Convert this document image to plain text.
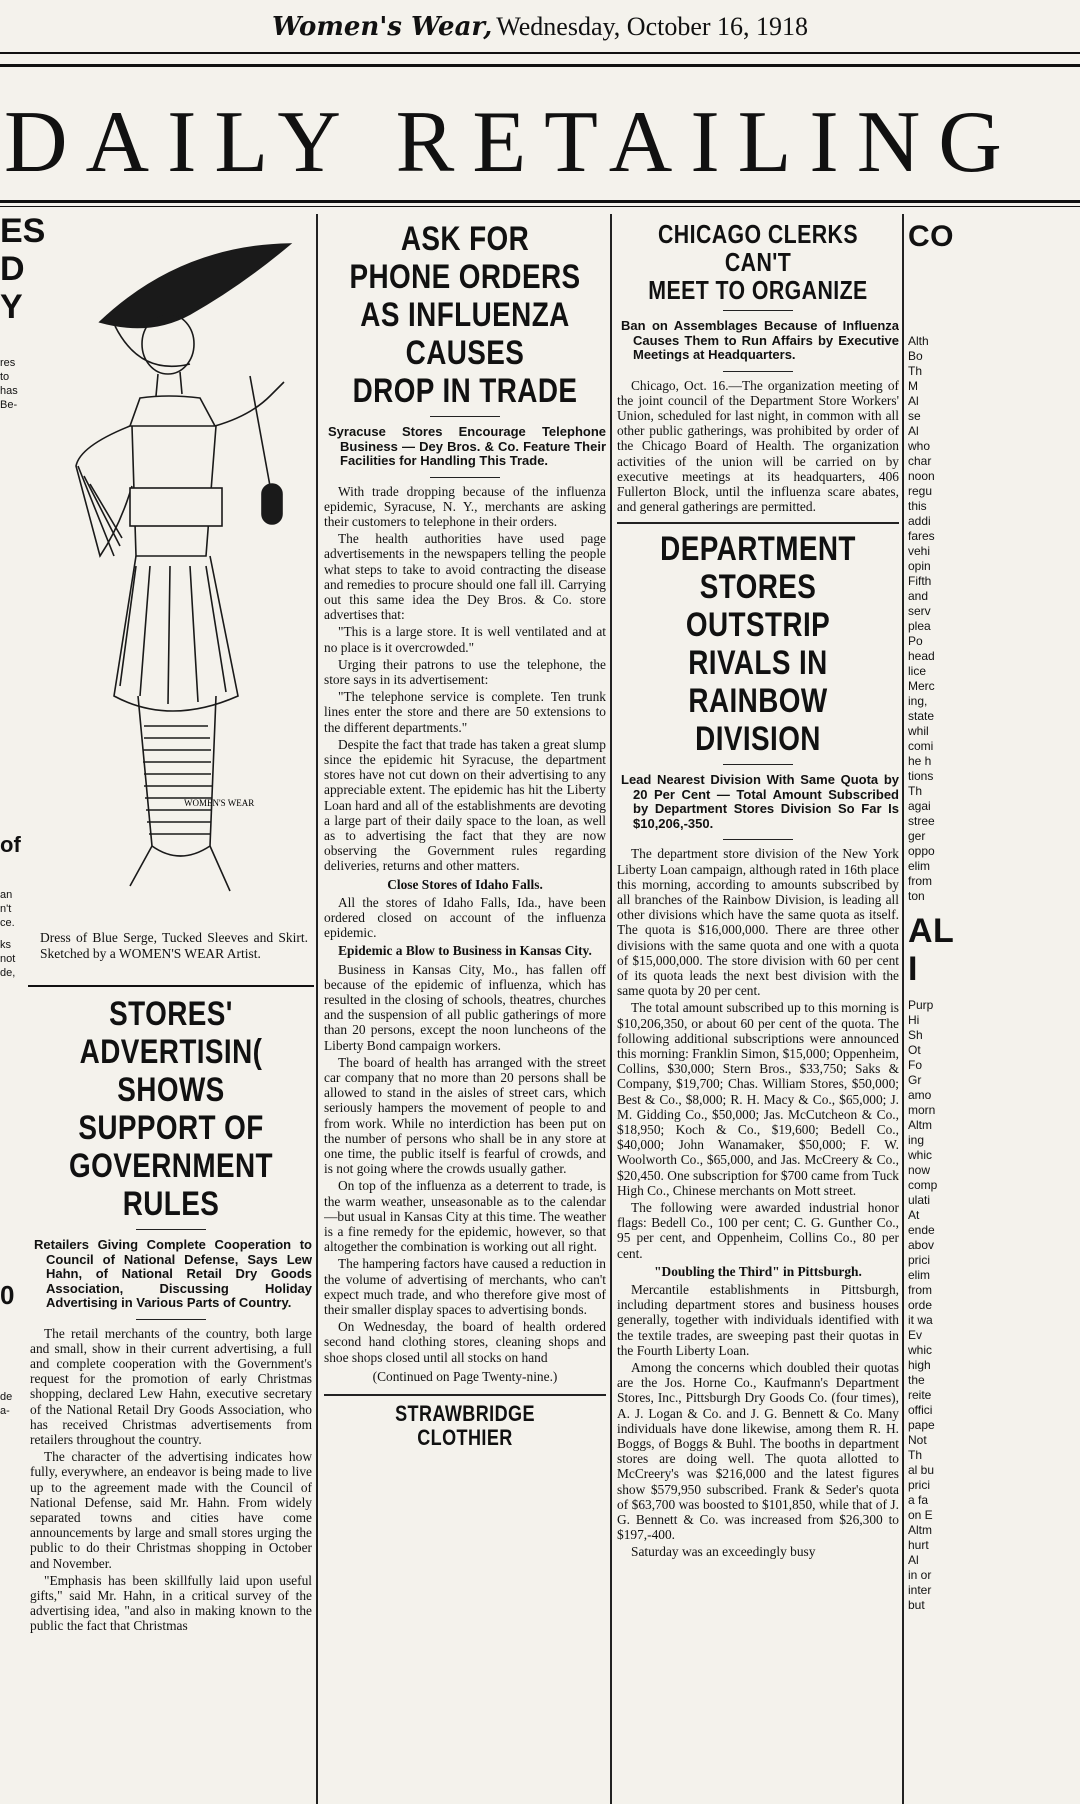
Women's Wear, Wednesday, October 16, 1918
DAILY RETAILING
ES
D
Y
res
to
has
Be-
of
an
n't
ce.
ks
not
de,
0
de
a-
WOMEN'S WEAR
Dress of Blue Serge, Tucked Sleeves and Skirt. Sketched by a WOMEN'S WEAR Artist.
STORES' ADVERTISIN(
SHOWS SUPPORT OF
GOVERNMENT RULES
Retailers Giving Complete Cooperation to Council of National Defense, Says Lew Hahn, of National Retail Dry Goods Association, Discussing Holiday Advertising in Various Parts of Country.

The retail merchants of the country, both large and small, show in their current advertising, a full and complete cooperation with the Government's request for the promotion of early Christmas shopping, declared Lew Hahn, executive secretary of the National Retail Dry Goods Association, who has received Christmas advertisements from retailers throughout the country.

The character of the advertising indicates how fully, everywhere, an endeavor is being made to live up to the agreement made with the Council of National Defense, said Mr. Hahn. From widely separated towns and cities have come announcements by large and small stores urging the public to do their Christmas shopping in October and November.

"Emphasis has been skillfully laid upon useful gifts," said Mr. Hahn, in a critical survey of the advertising idea, "and also in making known to the public the fact that Christmas

ASK FOR PHONE ORDERS
AS INFLUENZA CAUSES
DROP IN TRADE
Syracuse Stores Encourage Telephone Business — Dey Bros. & Co. Feature Their Facilities for Handling This Trade.

With trade dropping because of the influenza epidemic, Syracuse, N. Y., merchants are asking their customers to telephone in their orders.

The health authorities have used page advertisements in the newspapers telling the people what steps to take to avoid contracting the disease and remedies to procure should one fall ill. Carrying out this same idea the Dey Bros. & Co. store advertises that:

"This is a large store. It is well ventilated and at no place is it overcrowded."

Urging their patrons to use the telephone, the store says in its advertisement:

"The telephone service is complete. Ten trunk lines enter the store and there are 50 extensions to the different departments."

Despite the fact that trade has taken a great slump since the epidemic hit Syracuse, the department stores have not cut down on their advertising to any appreciable extent. The epidemic has hit the Liberty Loan hard and all of the establishments are devoting a large part of their daily space to the loan, as well as to advertising the fact that they are now observing the Government rules regarding deliveries, returns and other matters.

Close Stores of Idaho Falls.

All the stores of Idaho Falls, Ida., have been ordered closed on account of the influenza epidemic.

Epidemic a Blow to Business in Kansas City.

Business in Kansas City, Mo., has fallen off because of the epidemic of influenza, which has resulted in the closing of schools, theatres, churches and the suspension of all public gatherings of more than 20 persons, except the noon luncheons of the Liberty Bond campaign workers.

The board of health has arranged with the street car company that no more than 20 persons shall be allowed to stand in the aisles of street cars, which seriously hampers the movement of people to and from work. While no interdiction has been put on the number of persons who shall be in any store at one time, the public itself is fearful of crowds, and is not going where the crowds usually gather.

On top of the influenza as a deterrent to trade, is the warm weather, unseasonable as to the calendar—but usual in Kansas City at this time. The weather is a fine remedy for the epidemic, however, so that altogether the combination is working out all right.

The hampering factors have caused a reduction in the volume of advertising of merchants, who can't expect much trade, and who therefore give most of their smaller display spaces to advertising bonds.

On Wednesday, the board of health ordered second hand clothing stores, cleaning shops and shoe shops closed until all stocks on hand

(Continued on Page Twenty-nine.)
STRAWBRIDGE CLOTHIER
CHICAGO CLERKS CAN'T
MEET TO ORGANIZE
Ban on Assemblages Because of Influenza Causes Them to Run Affairs by Executive Meetings at Headquarters.

Chicago, Oct. 16.—The organization meeting of the joint council of the Department Store Workers' Union, scheduled for last night, in common with all other public gatherings, was prohibited by order of the Chicago Board of Health. The organization activities of the union will be carried on by executive meetings at its headquarters, 406 Fullerton Block, until the influenza scare abates, and general gatherings are permitted.

DEPARTMENT STORES
OUTSTRIP RIVALS IN
RAINBOW DIVISION
Lead Nearest Division With Same Quota by 20 Per Cent — Total Amount Subscribed by Department Stores Division So Far Is $10,206,-350.

The department store division of the New York Liberty Loan campaign, although rated in 16th place this morning, according to amounts subscribed by all branches of the Rainbow Division, is leading all other divisions which have the same quota as itself. The quota is $16,000,000. There are three other divisions with the same quota and one with a quota of $15,000,000. The store division with 60 per cent of its quota leads the next best division with the same quota by 20 per cent.

The total amount subscribed up to this morning is $10,206,350, or about 60 per cent of the quota. The following additional subscriptions were announced this morning: Franklin Simon, $15,000; Oppenheim, Collins, $30,000; Stern Bros., $33,750; Saks & Company, $19,700; Chas. William Stores, $50,000; Best & Co., $8,000; R. H. Macy & Co., $65,000; J. M. Gidding Co., $50,000; Jas. McCutcheon & Co., $18,950; Koch & Co., $19,600; Bedell Co., $40,000; John Wanamaker, $50,000; F. W. Woolworth Co., $65,000, and Jas. McCreery & Co., $20,450. One subscription for $700 came from Tuck High Co., Chinese merchants on Mott street.

The following were awarded industrial honor flags: Bedell Co., 100 per cent; C. G. Gunther Co., 95 per cent, and Oppenheim, Collins Co., 80 per cent.

"Doubling the Third" in Pittsburgh.

Mercantile establishments in Pittsburgh, including department stores and business houses generally, together with individuals identified with the textile trades, are sweeping past their quotas in the Fourth Liberty Loan.

Among the concerns which doubled their quotas are the Jos. Horne Co., Kaufmann's Department Stores, Inc., Pittsburgh Dry Goods Co. (four times), A. J. Logan & Co. and J. G. Bennett & Co. Many individuals have done likewise, among them R. H. Boggs, of Boggs & Buhl. The booths in department stores are doing well. The quota allotted to McCreery's was $216,000 and the latest figures show $579,950 subscribed. Frank & Seder's quota of $63,700 was boosted to $101,850, while that of J. G. Bennett & Co. was increased from $26,300 to $197,-400.

Saturday was an exceedingly busy

CO
Alth
Bo
Th
M
Al
se
Al
who
char
noon
regu
this
addi
fares
vehi
opin
Fifth
and
serv
plea
Po
head
lice
Merc
ing,
state
whil
comi
he h
tions
Th
agai
stree
ger
oppo
elim
from
ton
AL
I
Purp
Hi
Sh
Ot
Fo
Gr
amo
morn
Altm
ing
whic
now
comp
ulati
At
ende
abov
prici
elim
from
orde
it wa
Ev
whic
high
the
reite
offici
pape
Not
Th
al bu
prici
a fa
on E
Altm
hurt
Al
in or
inter
but
